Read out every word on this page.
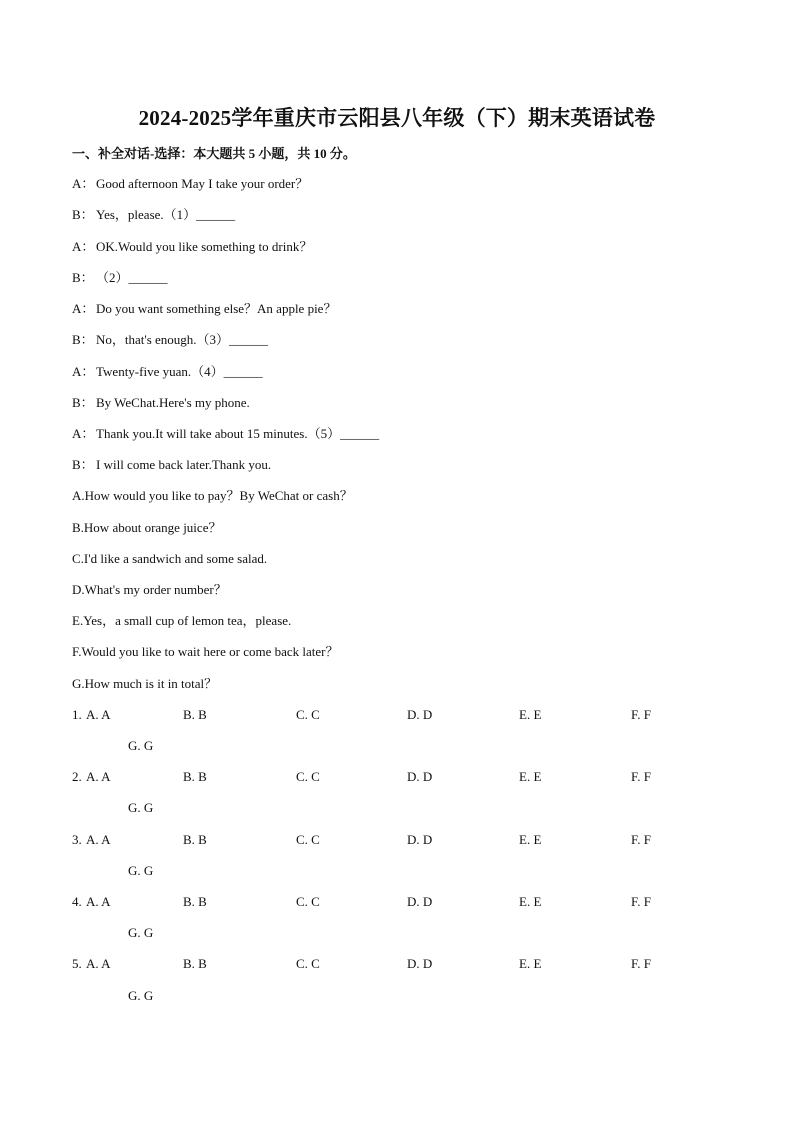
2024-2025学年重庆市云阳县八年级（下）期末英语试卷
一、补全对话-选择：本大题共 5 小题，共 10 分。
A： Good afternoon May I take your order？
B： Yes，please.（1）______
A： OK.Would you like something to drink？
B： （2）______
A： Do you want something else？An apple pie？
B： No，that's enough.（3）______
A： Twenty-five yuan.（4）______
B： By WeChat.Here's my phone.
A： Thank you.It will take about 15 minutes.（5）______
B： I will come back later.Thank you.
A.How would you like to pay？By WeChat or cash？
B.How about orange juice？
C.I'd like a sandwich and some salad.
D.What's my order number？
E.Yes，a small cup of lemon tea，please.
F.Would you like to wait here or come back later？
G.How much is it in total？
1. A. A	B. B	C. C	D. D	E. E	F. F
G. G
2. A. A	B. B	C. C	D. D	E. E	F. F
G. G
3. A. A	B. B	C. C	D. D	E. E	F. F
G. G
4. A. A	B. B	C. C	D. D	E. E	F. F
G. G
5. A. A	B. B	C. C	D. D	E. E	F. F
G. G
